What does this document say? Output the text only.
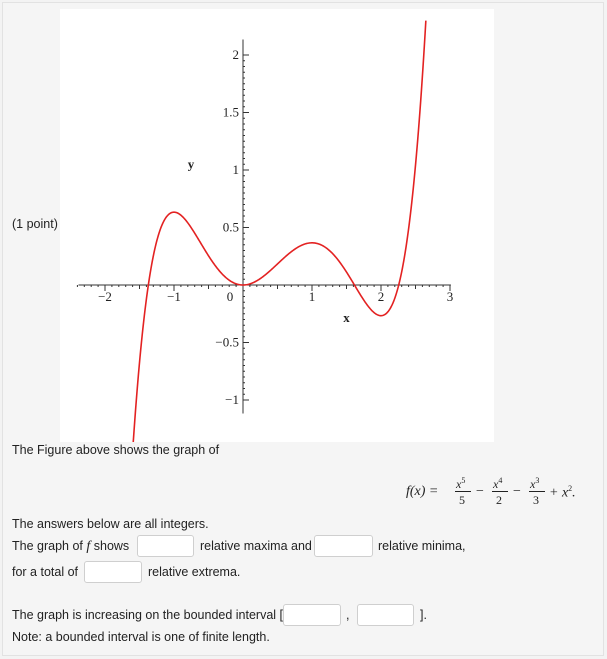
(1 point)
−2	−1	0	1	2	3
−1
−0.5
0.5
1
1.5
2
x
y
The Figure above shows the graph of
$f(x) = x^5$
5
− $x^4$
2
− $x^3$
$3 + x^2$.
The answers below are all integers.
The graph of f shows	relative maxima and	relative minima,
for a total of	relative extrema.
The graph is increasing on the bounded interval [	,	].
Note: a bounded interval is one of finite length.
